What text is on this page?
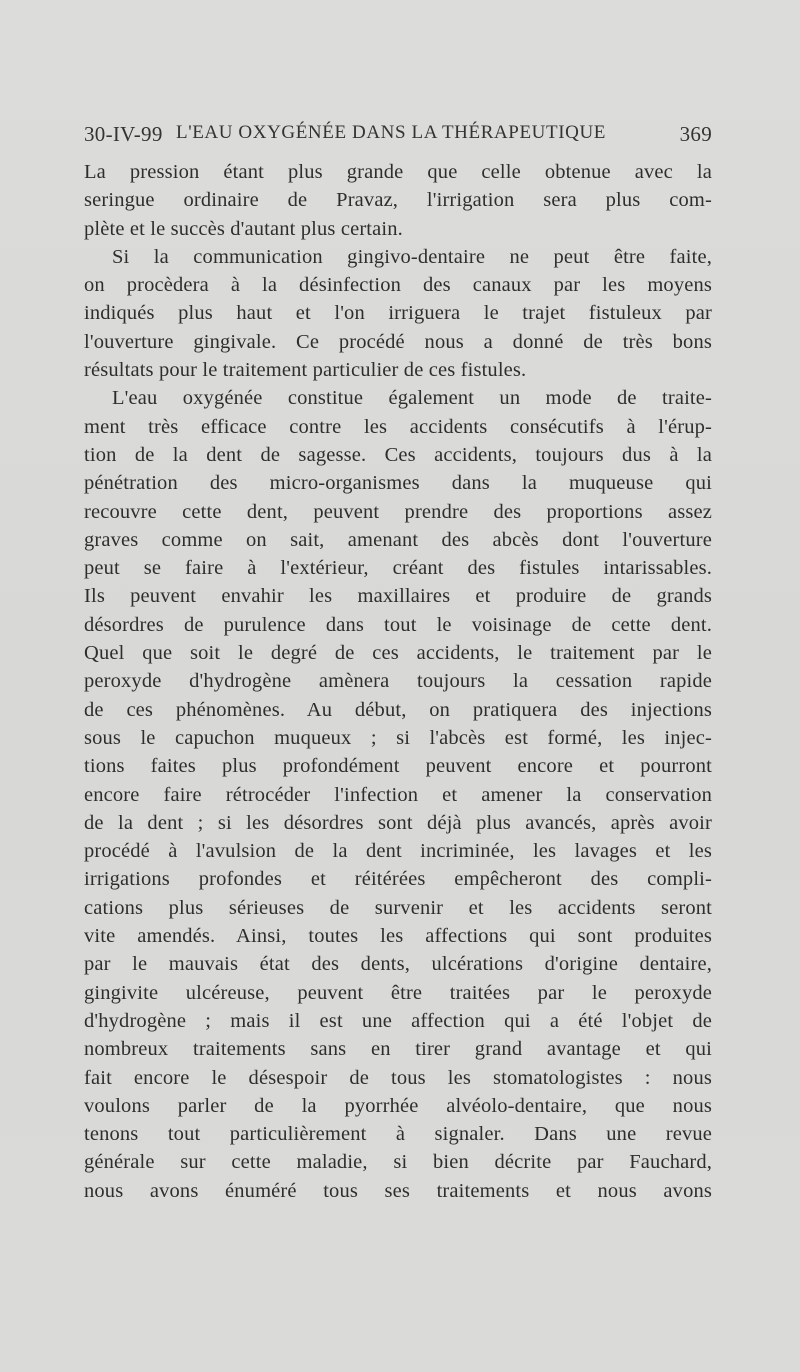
30-IV-99 L'EAU OXYGÉNÉE DANS LA THÉRAPEUTIQUE	369
La pression étant plus grande que celle obtenue avec la
seringue ordinaire de Pravaz, l'irrigation sera plus com-
plète et le succès d'autant plus certain.
Si la communication gingivo-dentaire ne peut être faite,
on procèdera à la désinfection des canaux par les moyens
indiqués plus haut et l'on irriguera le trajet fistuleux par
l'ouverture gingivale. Ce procédé nous a donné de très bons
résultats pour le traitement particulier de ces fistules.
L'eau oxygénée constitue également un mode de traite-
ment très efficace contre les accidents consécutifs à l'érup-
tion de la dent de sagesse. Ces accidents, toujours dus à la
pénétration des micro-organismes dans la muqueuse qui
recouvre cette dent, peuvent prendre des proportions assez
graves comme on sait, amenant des abcès dont l'ouverture
peut se faire à l'extérieur, créant des fistules intarissables.
Ils peuvent envahir les maxillaires et produire de grands
désordres de purulence dans tout le voisinage de cette dent.
Quel que soit le degré de ces accidents, le traitement par le
peroxyde d'hydrogène amènera toujours la cessation rapide
de ces phénomènes. Au début, on pratiquera des injections
sous le capuchon muqueux ; si l'abcès est formé, les injec-
tions faites plus profondément peuvent encore et pourront
encore faire rétrocéder l'infection et amener la conservation
de la dent ; si les désordres sont déjà plus avancés, après avoir
procédé à l'avulsion de la dent incriminée, les lavages et les
irrigations profondes et réitérées empêcheront des compli-
cations plus sérieuses de survenir et les accidents seront
vite amendés. Ainsi, toutes les affections qui sont produites
par le mauvais état des dents, ulcérations d'origine dentaire,
gingivite ulcéreuse, peuvent être traitées par le peroxyde
d'hydrogène ; mais il est une affection qui a été l'objet de
nombreux traitements sans en tirer grand avantage et qui
fait encore le désespoir de tous les stomatologistes : nous
voulons parler de la pyorrhée alvéolo-dentaire, que nous
tenons tout particulièrement à signaler. Dans une revue
générale sur cette maladie, si bien décrite par Fauchard,
nous avons énuméré tous ses traitements et nous avons
